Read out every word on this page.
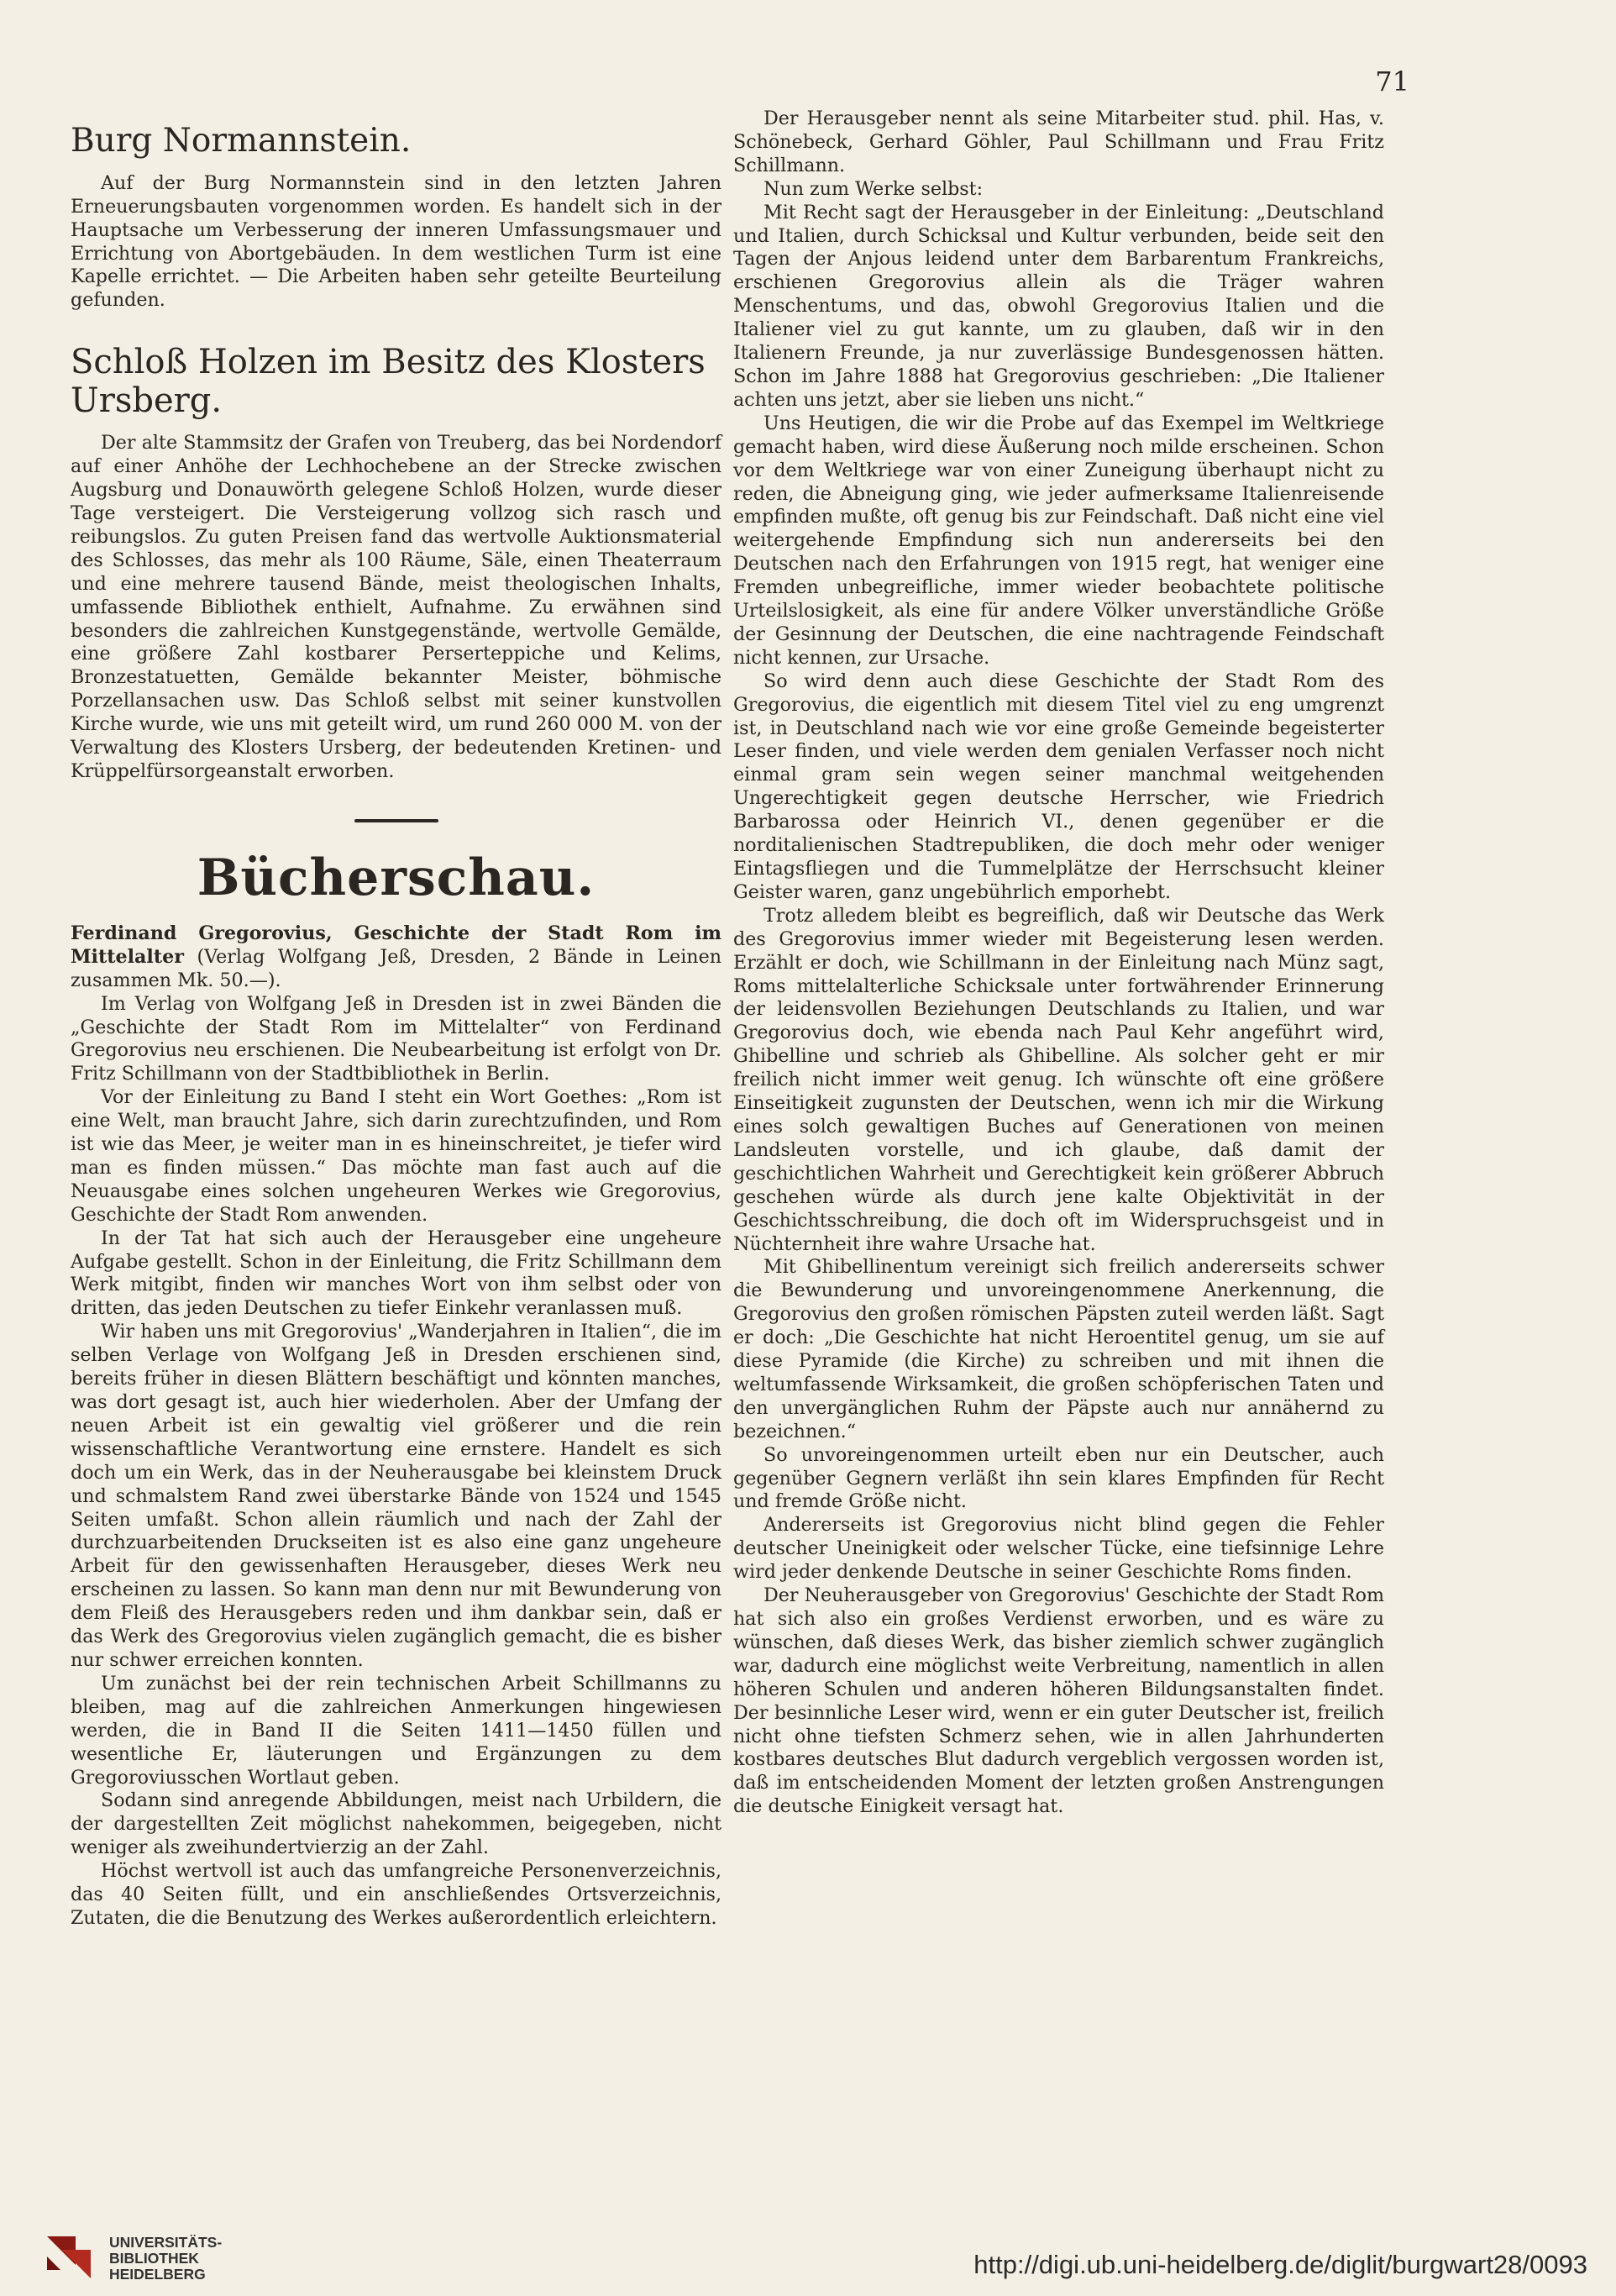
71
Burg Normannstein.

Auf der Burg Normannstein sind in den letzten Jahren Erneuerungsbauten vorgenommen worden. Es handelt sich in der Hauptsache um Verbesserung der inneren Umfassungsmauer und Errichtung von Abortgebäuden. In dem westlichen Turm ist eine Kapelle errichtet. — Die Arbeiten haben sehr geteilte Beurteilung gefunden.

Schloß Holzen im Besitz des Klosters Ursberg.

Der alte Stammsitz der Grafen von Treuberg, das bei Nordendorf auf einer Anhöhe der Lechhochebene an der Strecke zwischen Augsburg und Donauwörth gelegene Schloß Holzen, wurde dieser Tage versteigert. Die Versteigerung vollzog sich rasch und reibungslos. Zu guten Preisen fand das wertvolle Auktionsmaterial des Schlosses, das mehr als 100 Räume, Säle, einen Theaterraum und eine mehrere tausend Bände, meist theologischen Inhalts, umfassende Bibliothek enthielt, Aufnahme. Zu erwähnen sind besonders die zahlreichen Kunstgegenstände, wertvolle Gemälde, eine größere Zahl kostbarer Perserteppiche und Kelims, Bronzestatuetten, Gemälde bekannter Meister, böhmische Porzellansachen usw. Das Schloß selbst mit seiner kunstvollen Kirche wurde, wie uns mit geteilt wird, um rund 260 000 M. von der Verwaltung des Klosters Ursberg, der bedeutenden Kretinen- und Krüppelfürsorgeanstalt erworben.

Bücherschau.

Ferdinand Gregorovius, Geschichte der Stadt Rom im Mittelalter (Verlag Wolfgang Jeß, Dresden, 2 Bände in Leinen zusammen Mk. 50.—).

Im Verlag von Wolfgang Jeß in Dresden ist in zwei Bänden die „Geschichte der Stadt Rom im Mittelalter“ von Ferdinand Gregorovius neu erschienen. Die Neubearbeitung ist erfolgt von Dr. Fritz Schillmann von der Stadtbibliothek in Berlin.

Vor der Einleitung zu Band I steht ein Wort Goethes: „Rom ist eine Welt, man braucht Jahre, sich darin zurechtzufinden, und Rom ist wie das Meer, je weiter man in es hineinschreitet, je tiefer wird man es finden müssen.“ Das möchte man fast auch auf die Neuausgabe eines solchen ungeheuren Werkes wie Gregorovius, Geschichte der Stadt Rom anwenden.

In der Tat hat sich auch der Herausgeber eine ungeheure Aufgabe gestellt. Schon in der Einleitung, die Fritz Schillmann dem Werk mitgibt, finden wir manches Wort von ihm selbst oder von dritten, das jeden Deutschen zu tiefer Einkehr veranlassen muß.

Wir haben uns mit Gregorovius' „Wanderjahren in Italien“, die im selben Verlage von Wolfgang Jeß in Dresden erschienen sind, bereits früher in diesen Blättern beschäftigt und könnten manches, was dort gesagt ist, auch hier wiederholen. Aber der Umfang der neuen Arbeit ist ein gewaltig viel größerer und die rein wissenschaftliche Verantwortung eine ernstere. Handelt es sich doch um ein Werk, das in der Neuherausgabe bei kleinstem Druck und schmalstem Rand zwei überstarke Bände von 1524 und 1545 Seiten umfaßt. Schon allein räumlich und nach der Zahl der durchzuarbeitenden Druckseiten ist es also eine ganz ungeheure Arbeit für den gewissenhaften Herausgeber, dieses Werk neu erscheinen zu lassen. So kann man denn nur mit Bewunderung von dem Fleiß des Herausgebers reden und ihm dankbar sein, daß er das Werk des Gregorovius vielen zugänglich gemacht, die es bisher nur schwer erreichen konnten.

Um zunächst bei der rein technischen Arbeit Schillmanns zu bleiben, mag auf die zahlreichen Anmerkungen hingewiesen werden, die in Band II die Seiten 1411—1450 füllen und wesentliche Er, läuterungen und Ergänzungen zu dem Gregoroviusschen Wortlaut geben.

Sodann sind anregende Abbildungen, meist nach Urbildern, die der dargestellten Zeit möglichst nahekommen, beigegeben, nicht weniger als zweihundertvierzig an der Zahl.

Höchst wertvoll ist auch das umfangreiche Personenverzeichnis, das 40 Seiten füllt, und ein anschließendes Ortsverzeichnis, Zutaten, die die Benutzung des Werkes außerordentlich erleichtern.

Der Herausgeber nennt als seine Mitarbeiter stud. phil. Has, v. Schönebeck, Gerhard Göhler, Paul Schillmann und Frau Fritz Schillmann.

Nun zum Werke selbst:

Mit Recht sagt der Herausgeber in der Einleitung: „Deutschland und Italien, durch Schicksal und Kultur verbunden, beide seit den Tagen der Anjous leidend unter dem Barbarentum Frankreichs, erschienen Gregorovius allein als die Träger wahren Menschentums, und das, obwohl Gregorovius Italien und die Italiener viel zu gut kannte, um zu glauben, daß wir in den Italienern Freunde, ja nur zuverlässige Bundesgenossen hätten. Schon im Jahre 1888 hat Gregorovius geschrieben: „Die Italiener achten uns jetzt, aber sie lieben uns nicht.“

Uns Heutigen, die wir die Probe auf das Exempel im Weltkriege gemacht haben, wird diese Äußerung noch milde erscheinen. Schon vor dem Weltkriege war von einer Zuneigung überhaupt nicht zu reden, die Abneigung ging, wie jeder aufmerksame Italienreisende empfinden mußte, oft genug bis zur Feindschaft. Daß nicht eine viel weitergehende Empfindung sich nun andererseits bei den Deutschen nach den Erfahrungen von 1915 regt, hat weniger eine Fremden unbegreifliche, immer wieder beobachtete politische Urteilslosigkeit, als eine für andere Völker unverständliche Größe der Gesinnung der Deutschen, die eine nachtragende Feindschaft nicht kennen, zur Ursache.

So wird denn auch diese Geschichte der Stadt Rom des Gregorovius, die eigentlich mit diesem Titel viel zu eng umgrenzt ist, in Deutschland nach wie vor eine große Gemeinde begeisterter Leser finden, und viele werden dem genialen Verfasser noch nicht einmal gram sein wegen seiner manchmal weitgehenden Ungerechtigkeit gegen deutsche Herrscher, wie Friedrich Barbarossa oder Heinrich VI., denen gegenüber er die norditalienischen Stadtrepubliken, die doch mehr oder weniger Eintagsfliegen und die Tummelplätze der Herrschsucht kleiner Geister waren, ganz ungebührlich emporhebt.

Trotz alledem bleibt es begreiflich, daß wir Deutsche das Werk des Gregorovius immer wieder mit Begeisterung lesen werden. Erzählt er doch, wie Schillmann in der Einleitung nach Münz sagt, Roms mittelalterliche Schicksale unter fortwährender Erinnerung der leidensvollen Beziehungen Deutschlands zu Italien, und war Gregorovius doch, wie ebenda nach Paul Kehr angeführt wird, Ghibelline und schrieb als Ghibelline. Als solcher geht er mir freilich nicht immer weit genug. Ich wünschte oft eine größere Einseitigkeit zugunsten der Deutschen, wenn ich mir die Wirkung eines solch gewaltigen Buches auf Generationen von meinen Landsleuten vorstelle, und ich glaube, daß damit der geschichtlichen Wahrheit und Gerechtigkeit kein größerer Abbruch geschehen würde als durch jene kalte Objektivität in der Geschichtsschreibung, die doch oft im Widerspruchsgeist und in Nüchternheit ihre wahre Ursache hat.

Mit Ghibellinentum vereinigt sich freilich andererseits schwer die Bewunderung und unvoreingenommene Anerkennung, die Gregorovius den großen römischen Päpsten zuteil werden läßt. Sagt er doch: „Die Geschichte hat nicht Heroentitel genug, um sie auf diese Pyramide (die Kirche) zu schreiben und mit ihnen die weltumfassende Wirksamkeit, die großen schöpferischen Taten und den unvergänglichen Ruhm der Päpste auch nur annähernd zu bezeichnen.“

So unvoreingenommen urteilt eben nur ein Deutscher, auch gegenüber Gegnern verläßt ihn sein klares Empfinden für Recht und fremde Größe nicht.

Andererseits ist Gregorovius nicht blind gegen die Fehler deutscher Uneinigkeit oder welscher Tücke, eine tiefsinnige Lehre wird jeder denkende Deutsche in seiner Geschichte Roms finden.

Der Neuherausgeber von Gregorovius' Geschichte der Stadt Rom hat sich also ein großes Verdienst erworben, und es wäre zu wünschen, daß dieses Werk, das bisher ziemlich schwer zugänglich war, dadurch eine möglichst weite Verbreitung, namentlich in allen höheren Schulen und anderen höheren Bildungsanstalten findet. Der besinnliche Leser wird, wenn er ein guter Deutscher ist, freilich nicht ohne tiefsten Schmerz sehen, wie in allen Jahrhunderten kostbares deutsches Blut dadurch vergeblich vergossen worden ist, daß im entscheidenden Moment der letzten großen Anstrengungen die deutsche Einigkeit versagt hat.

UNIVERSITÄTS-
BIBLIOTHEK
HEIDELBERG	http://digi.ub.uni-heidelberg.de/diglit/burgwart28/0093
